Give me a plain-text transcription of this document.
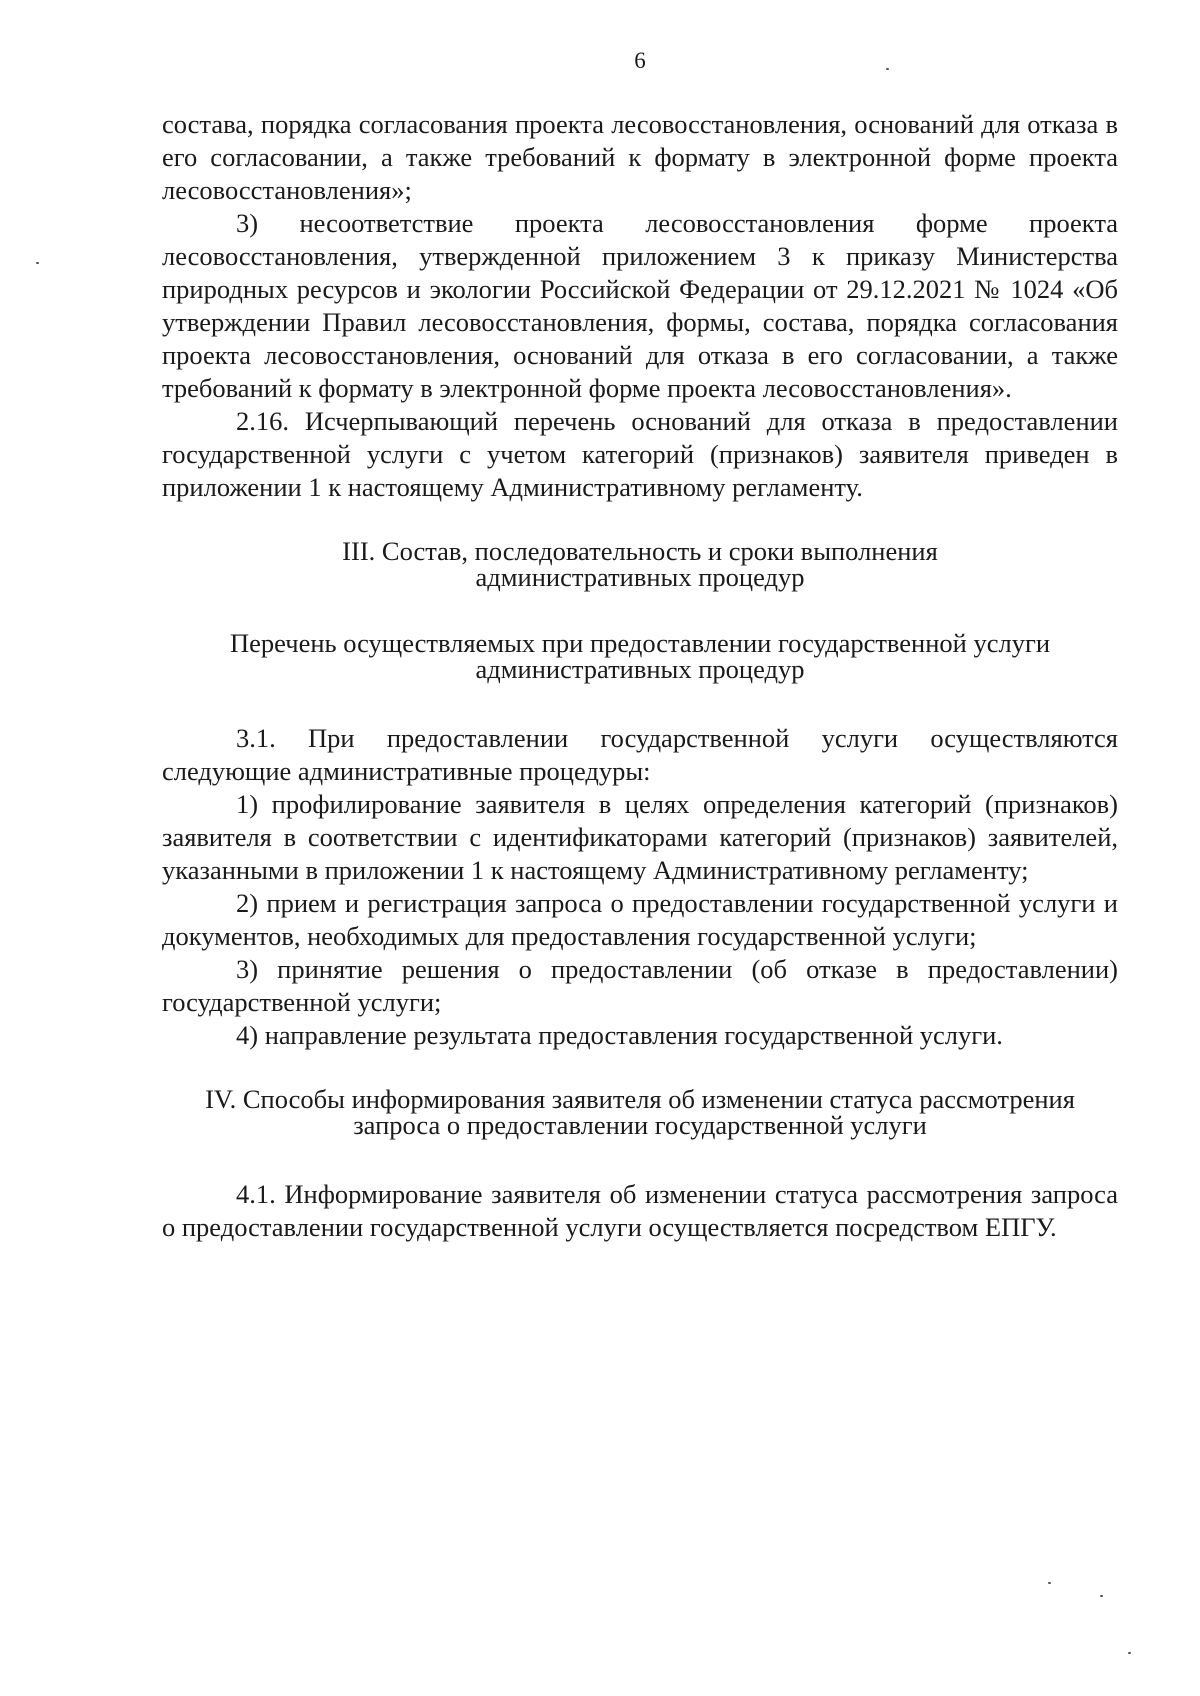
6

состава, порядка согласования проекта лесовосстановления, оснований для отказа в его согласовании, а также требований к формату в электронной форме проекта лесовосстановления»;

3) несоответствие проекта лесовосстановления форме проекта лесовосстановления, утвержденной приложением 3 к приказу Министерства природных ресурсов и экологии Российской Федерации от 29.12.2021 № 1024 «Об утверждении Правил лесовосстановления, формы, состава, порядка согласования проекта лесовосстановления, оснований для отказа в его согласовании, а также требований к формату в электронной форме проекта лесовосстановления».

2.16. Исчерпывающий перечень оснований для отказа в предоставлении государственной услуги с учетом категорий (признаков) заявителя приведен в приложении 1 к настоящему Административному регламенту.

III. Состав, последовательность и сроки выполнения
административных процедур
Перечень осуществляемых при предоставлении государственной услуги
административных процедур

3.1. При предоставлении государственной услуги осуществляются следующие административные процедуры:

1) профилирование заявителя в целях определения категорий (признаков) заявителя в соответствии с идентификаторами категорий (признаков) заявителей, указанными в приложении 1 к настоящему Административному регламенту;

2) прием и регистрация запроса о предоставлении государственной услуги и документов, необходимых для предоставления государственной услуги;

3) принятие решения о предоставлении (об отказе в предоставлении) государственной услуги;

4) направление результата предоставления государственной услуги.

IV. Способы информирования заявителя об изменении статуса рассмотрения
запроса о предоставлении государственной услуги

4.1. Информирование заявителя об изменении статуса рассмотрения запроса о предоставлении государственной услуги осуществляется посредством ЕПГУ.
